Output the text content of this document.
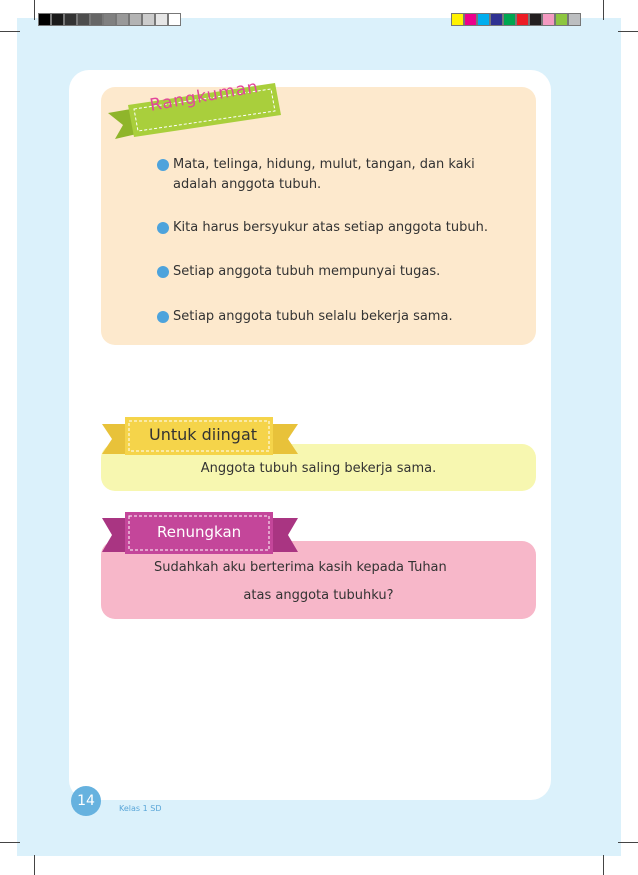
Rangkuman
Mata, telinga, hidung, mulut, tangan, dan kaki
adalah anggota tubuh.
Kita harus bersyukur atas setiap anggota tubuh.
Setiap anggota tubuh mempunyai tugas.
Setiap anggota tubuh selalu bekerja sama.
Untuk diingat
Anggota tubuh saling bekerja sama.
Renungkan
Sudahkah aku berterima kasih kepada Tuhan
atas anggota tubuhku?
14	Kelas 1 SD
